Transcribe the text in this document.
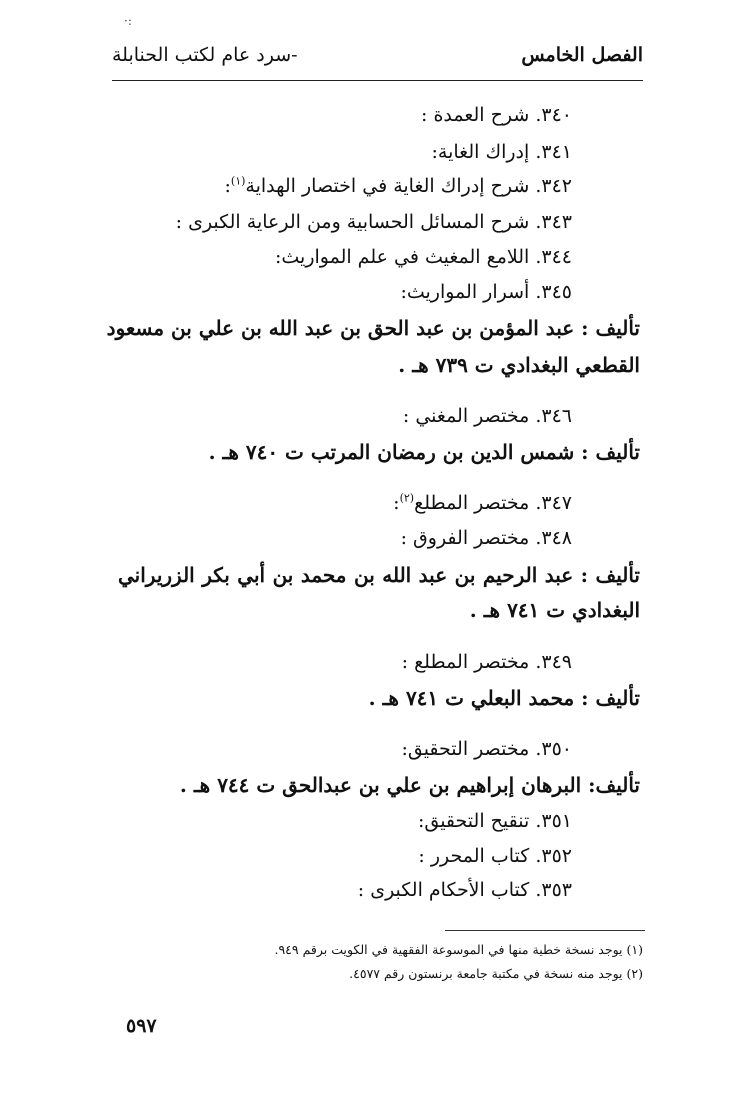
·:
سرد عام لكتب الحنابلة-	الفصل الخامس
٣٤٠. شرح العمدة :
٣٤١. إدراك الغاية:
٣٤٢. شرح إدراك الغاية في اختصار الهداية$^{(١)}$:
٣٤٣. شرح المسائل الحسابية ومن الرعاية الكبرى :
٣٤٤. اللامع المغيث في علم المواريث:
٣٤٥. أسرار المواريث:
تأليف : عبد المؤمن بن عبد الحق بن عبد الله بن علي بن مسعود
القطعي البغدادي ت ٧٣٩ هـ .
٣٤٦. مختصر المغني :
تأليف : شمس الدين بن رمضان المرتب ت ٧٤٠ هـ .
٣٤٧. مختصر المطلع$^{(٢)}$:
٣٤٨. مختصر الفروق :
تأليف : عبد الرحيم بن عبد الله بن محمد بن أبي بكر الزريراني
البغدادي ت ٧٤١ هـ .
٣٤٩. مختصر المطلع :
تأليف : محمد البعلي ت ٧٤١ هـ .
٣٥٠. مختصر التحقيق:
تأليف: البرهان إبراهيم بن علي بن عبدالحق ت ٧٤٤ هـ .
٣٥١. تنقيح التحقيق:
٣٥٢. كتاب المحرر :
٣٥٣. كتاب الأحكام الكبرى :
(١) يوجد نسخة خطية منها في الموسوعة الفقهية في الكويت برقم ٩٤٩.
(٢) يوجد منه نسخة في مكتبة جامعة برنستون رقم ٤٥٧٧.
٥٩٧
